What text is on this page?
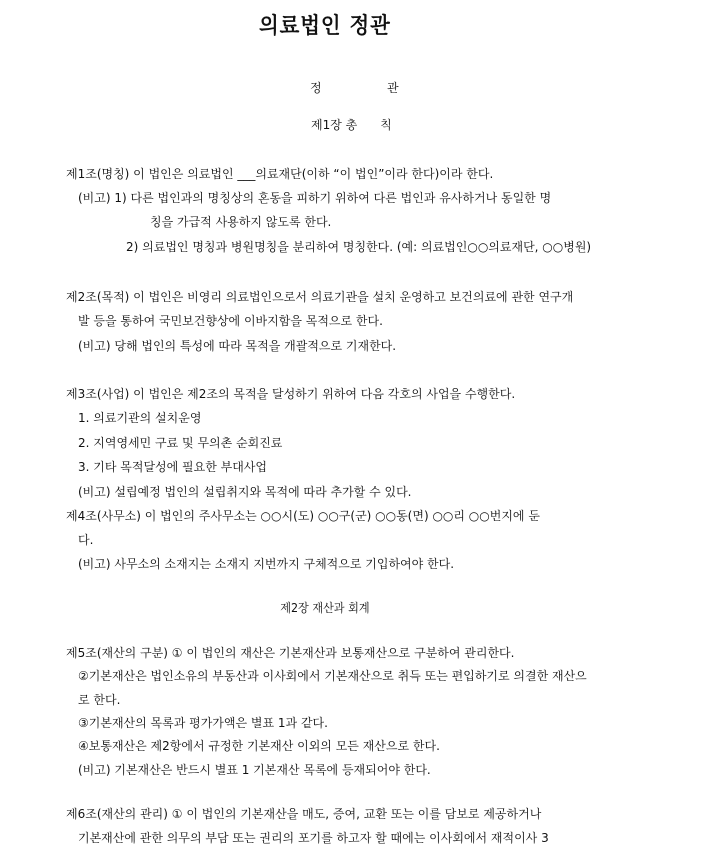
의료법인 정관
정	관
제1장 총      칙
제1조(명칭) 이 법인은 의료법인 ___의료재단(이하 “이 법인”이라 한다)이라 한다.
(비고) 1) 다른 법인과의 명칭상의 혼동을 피하기 위하여 다른 법인과 유사하거나 동일한 명
칭을 가급적 사용하지 않도록 한다.
2) 의료법인 명칭과 병원명칭을 분리하여 명칭한다. (예: 의료법인○○의료재단, ○○병원)
제2조(목적) 이 법인은 비영리 의료법인으로서 의료기관을 설치 운영하고 보건의료에 관한 연구개
발 등을 통하여 국민보건향상에 이바지함을 목적으로 한다.
(비고) 당해 법인의 특성에 따라 목적을 개괄적으로 기재한다.
제3조(사업) 이 법인은 제2조의 목적을 달성하기 위하여 다음 각호의 사업을 수행한다.
1. 의료기관의 설치운영
2. 지역영세민 구료 및 무의촌 순회진료
3. 기타 목적달성에 필요한 부대사업
(비고) 설립예정 법인의 설립취지와 목적에 따라 추가할 수 있다.
제4조(사무소) 이 법인의 주사무소는 ○○시(도) ○○구(군) ○○동(면) ○○리 ○○번지에 둔
다.
(비고) 사무소의 소재지는 소재지 지번까지 구체적으로 기입하여야 한다.
제2장 재산과 회계
제5조(재산의 구분) ① 이 법인의 재산은 기본재산과 보통재산으로 구분하여 관리한다.
②기본재산은 법인소유의 부동산과 이사회에서 기본재산으로 취득 또는 편입하기로 의결한 재산으
로 한다.
③기본재산의 목록과 평가가액은 별표 1과 같다.
④보통재산은 제2항에서 규정한 기본재산 이외의 모든 재산으로 한다.
(비고) 기본재산은 반드시 별표 1 기본재산 목록에 등재되어야 한다.
제6조(재산의 관리) ① 이 법인의 기본재산을 매도, 증여, 교환 또는 이를 담보로 제공하거나
기본재산에 관한 의무의 부담 또는 권리의 포기를 하고자 할 때에는 이사회에서 재적이사 3
